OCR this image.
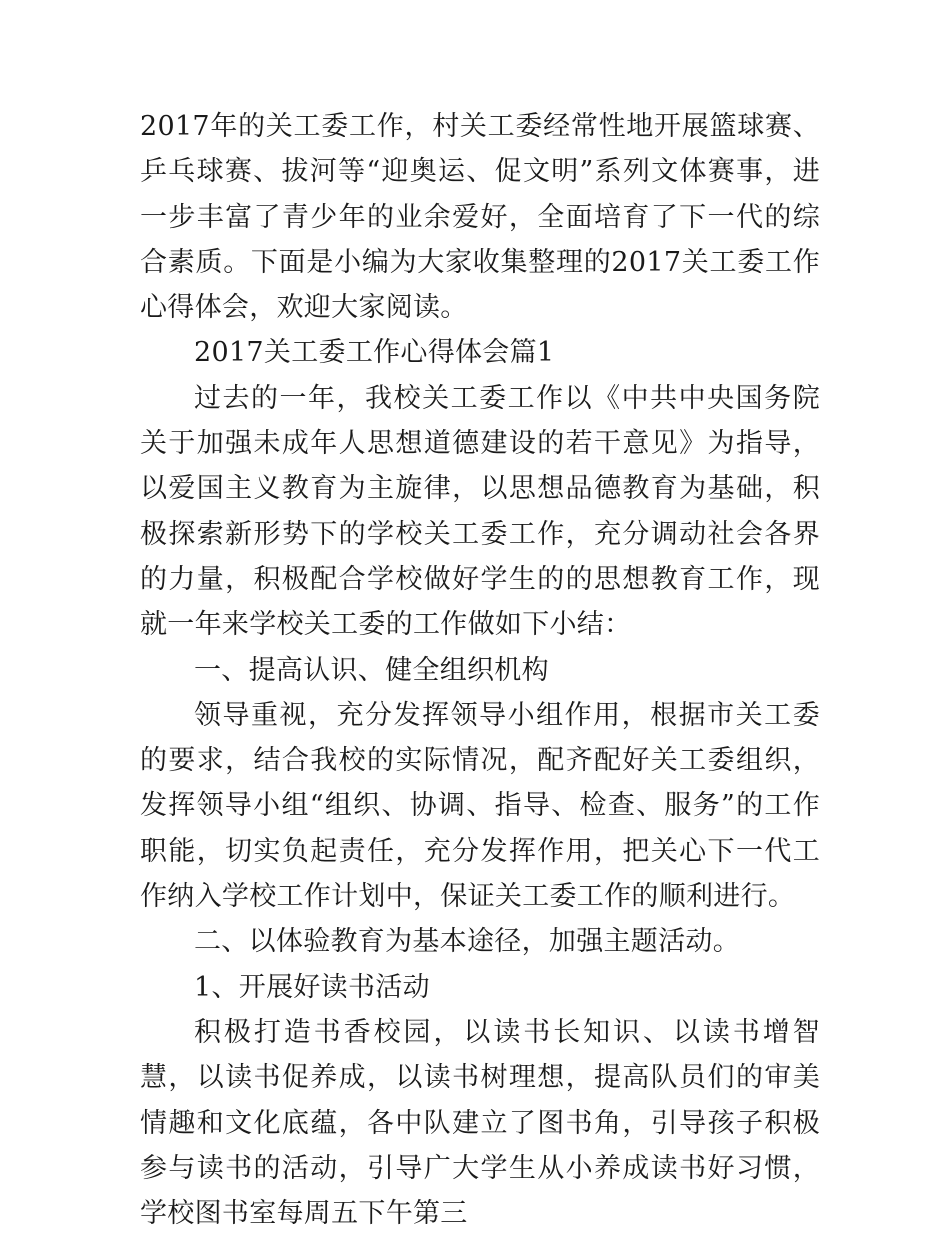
2017年的关工委工作，村关工委经常性地开展篮球赛、乒乓球赛、拔河等“迎奥运、促文明”系列文体赛事，进一步丰富了青少年的业余爱好，全面培育了下一代的综合素质。下面是小编为大家收集整理的2017关工委工作心得体会，欢迎大家阅读。

2017关工委工作心得体会篇1

过去的一年，我校关工委工作以《中共中央国务院关于加强未成年人思想道德建设的若干意见》为指导，以爱国主义教育为主旋律，以思想品德教育为基础，积极探索新形势下的学校关工委工作，充分调动社会各界的力量，积极配合学校做好学生的的思想教育工作，现就一年来学校关工委的工作做如下小结：

一、提高认识、健全组织机构

领导重视，充分发挥领导小组作用，根据市关工委的要求，结合我校的实际情况，配齐配好关工委组织，发挥领导小组“组织、协调、指导、检查、服务”的工作职能，切实负起责任，充分发挥作用，把关心下一代工作纳入学校工作计划中，保证关工委工作的顺利进行。

二、以体验教育为基本途径，加强主题活动。

1、开展好读书活动

积极打造书香校园，以读书长知识、以读书增智慧，以读书促养成，以读书树理想，提高队员们的审美情趣和文化底蕴，各中队建立了图书角，引导孩子积极参与读书的活动，引导广大学生从小养成读书好习惯，学校图书室每周五下午第三
